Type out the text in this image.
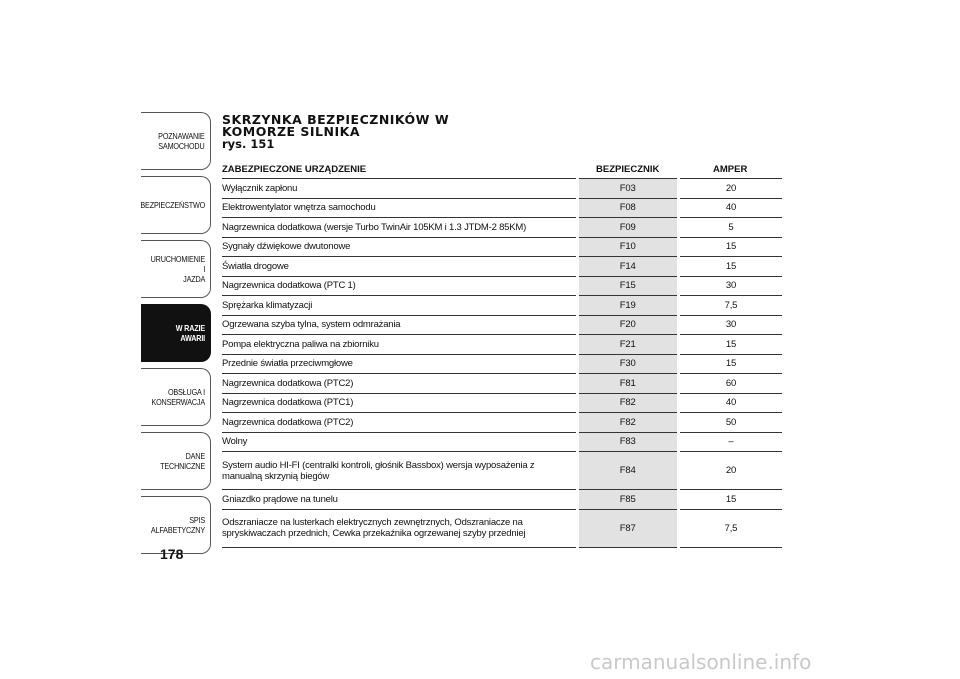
POZNAWANIE
SAMOCHODU
BEZPIECZEŃSTWO
URUCHOMIENIE I
JAZDA
W RAZIE AWARII
OBSŁUGA I
KONSERWACJA
DANE TECHNICZNE
SPIS ALFABETYCZNY
178
SKRZYNKA BEZPIECZNIKÓW W
KOMORZE SILNIKA
rys. 151
ZABEZPIECZONE URZĄDZENIE	BEZPIECZNIK	AMPER
Wyłącznik zapłonu	F03	20
Elektrowentylator wnętrza samochodu	F08	40
Nagrzewnica dodatkowa (wersje Turbo TwinAir 105KM i 1.3 JTDM-2 85KM)	F09	5
Sygnały dźwiękowe dwutonowe	F10	15
Światła drogowe	F14	15
Nagrzewnica dodatkowa (PTC 1)	F15	30
Sprężarka klimatyzacji	F19	7,5
Ogrzewana szyba tylna, system odmrażania	F20	30
Pompa elektryczna paliwa na zbiorniku	F21	15
Przednie światła przeciwmgłowe	F30	15
Nagrzewnica dodatkowa (PTC2)	F81	60
Nagrzewnica dodatkowa (PTC1)	F82	40
Nagrzewnica dodatkowa (PTC2)	F82	50
Wolny	F83	–
System audio HI-FI (centralki kontroli, głośnik Bassbox) wersja wyposażenia z manualną skrzynią biegów	F84	20
Gniazdko prądowe na tunelu	F85	15
Odszraniacze na lusterkach elektrycznych zewnętrznych, Odszraniacze na spryskiwaczach przednich, Cewka przekaźnika ogrzewanej szyby przedniej	F87	7,5
carmanualsonline.info
